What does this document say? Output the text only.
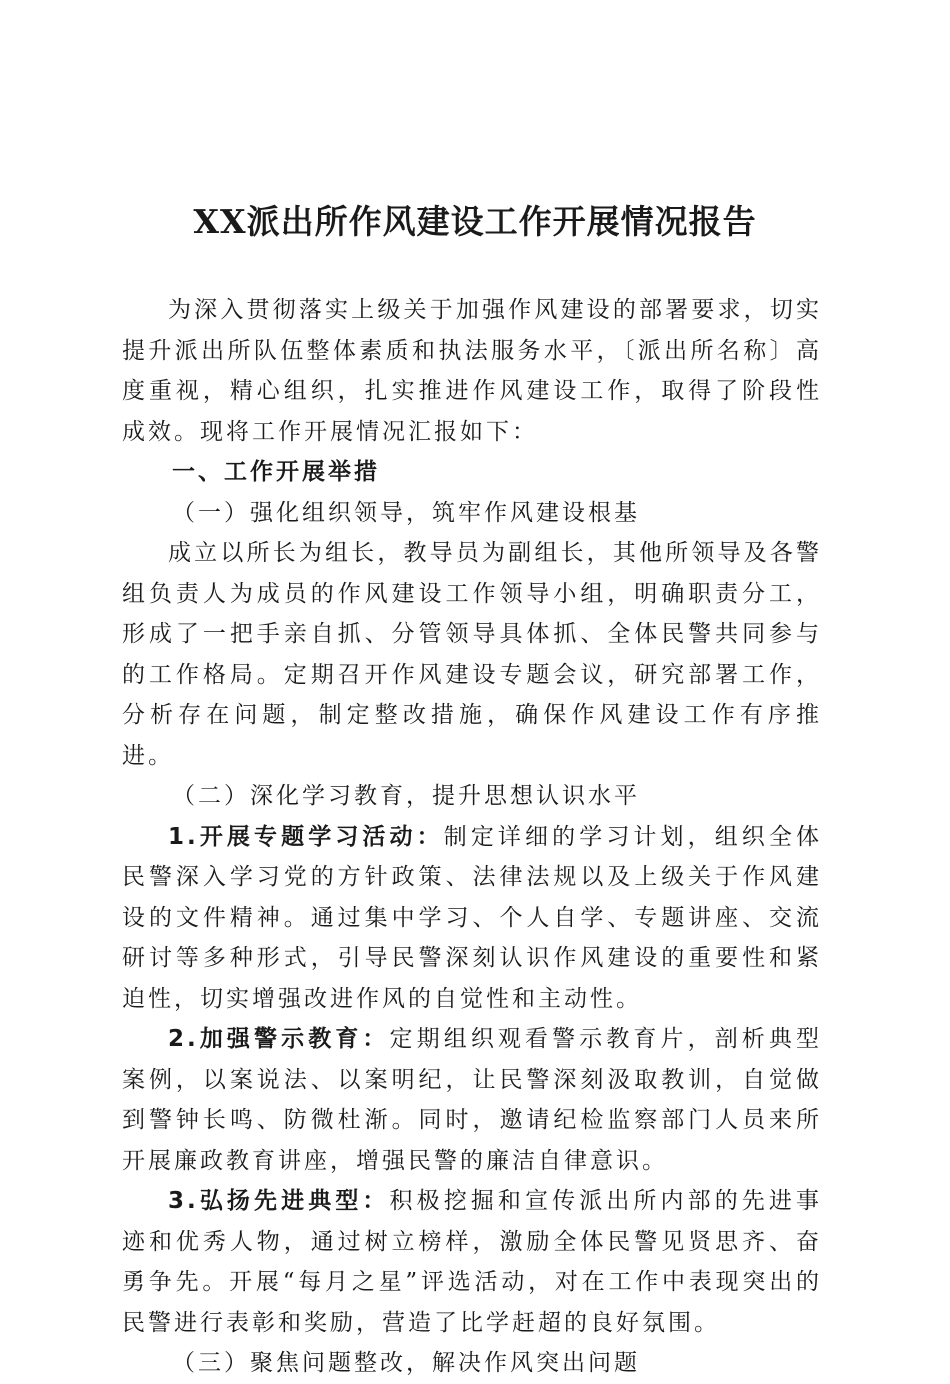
XX派出所作风建设工作开展情况报告

为深入贯彻落实上级关于加强作风建设的部署要求，切实提升派出所队伍整体素质和执法服务水平，〔派出所名称〕高度重视，精心组织，扎实推进作风建设工作，取得了阶段性成效。现将工作开展情况汇报如下：

一、工作开展举措

（一）强化组织领导，筑牢作风建设根基

成立以所长为组长，教导员为副组长，其他所领导及各警组负责人为成员的作风建设工作领导小组，明确职责分工，形成了一把手亲自抓、分管领导具体抓、全体民警共同参与的工作格局。定期召开作风建设专题会议，研究部署工作，分析存在问题，制定整改措施，确保作风建设工作有序推进。

（二）深化学习教育，提升思想认识水平

1.开展专题学习活动：制定详细的学习计划，组织全体民警深入学习党的方针政策、法律法规以及上级关于作风建设的文件精神。通过集中学习、个人自学、专题讲座、交流研讨等多种形式，引导民警深刻认识作风建设的重要性和紧迫性，切实增强改进作风的自觉性和主动性。

2.加强警示教育：定期组织观看警示教育片，剖析典型案例，以案说法、以案明纪，让民警深刻汲取教训，自觉做到警钟长鸣、防微杜渐。同时，邀请纪检监察部门人员来所开展廉政教育讲座，增强民警的廉洁自律意识。

3.弘扬先进典型：积极挖掘和宣传派出所内部的先进事迹和优秀人物，通过树立榜样，激励全体民警见贤思齐、奋勇争先。开展“每月之星”评选活动，对在工作中表现突出的民警进行表彰和奖励，营造了比学赶超的良好氛围。

（三）聚焦问题整改，解决作风突出问题
